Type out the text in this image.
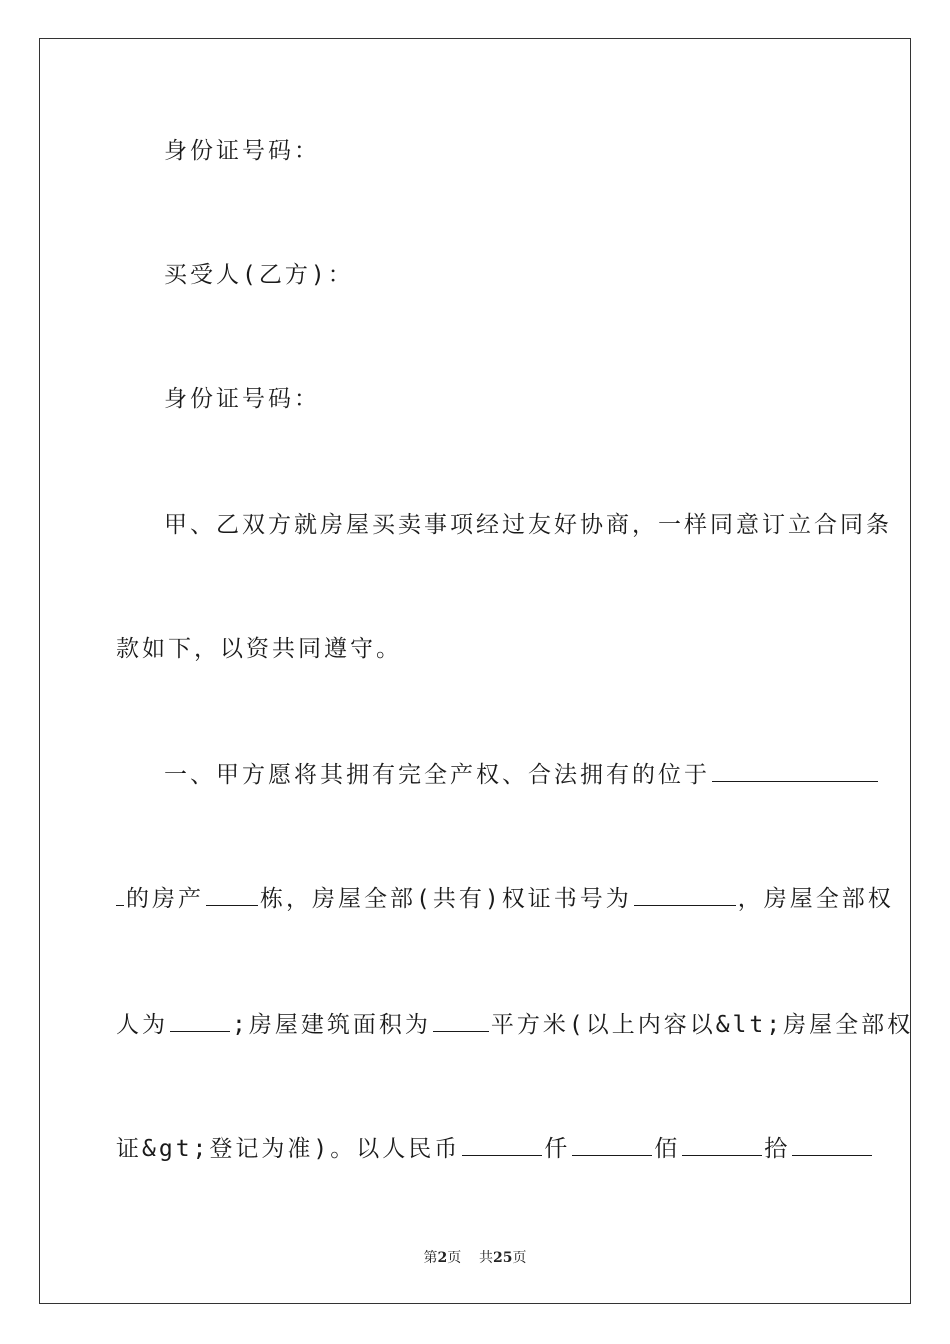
身份证号码：
买受人(乙方)：
身份证号码：
甲、乙双方就房屋买卖事项经过友好协商，一样同意订立合同条
款如下，以资共同遵守。
一、甲方愿将其拥有完全产权、合法拥有的位于
的房产 栋，房屋全部(共有)权证书号为	，房屋全部权
人为	;房屋建筑面积为	平方米(以上内容以&lt;房屋全部权
证&gt;登记为准)。以人民币	仟	佰	拾
第2页 共25页
